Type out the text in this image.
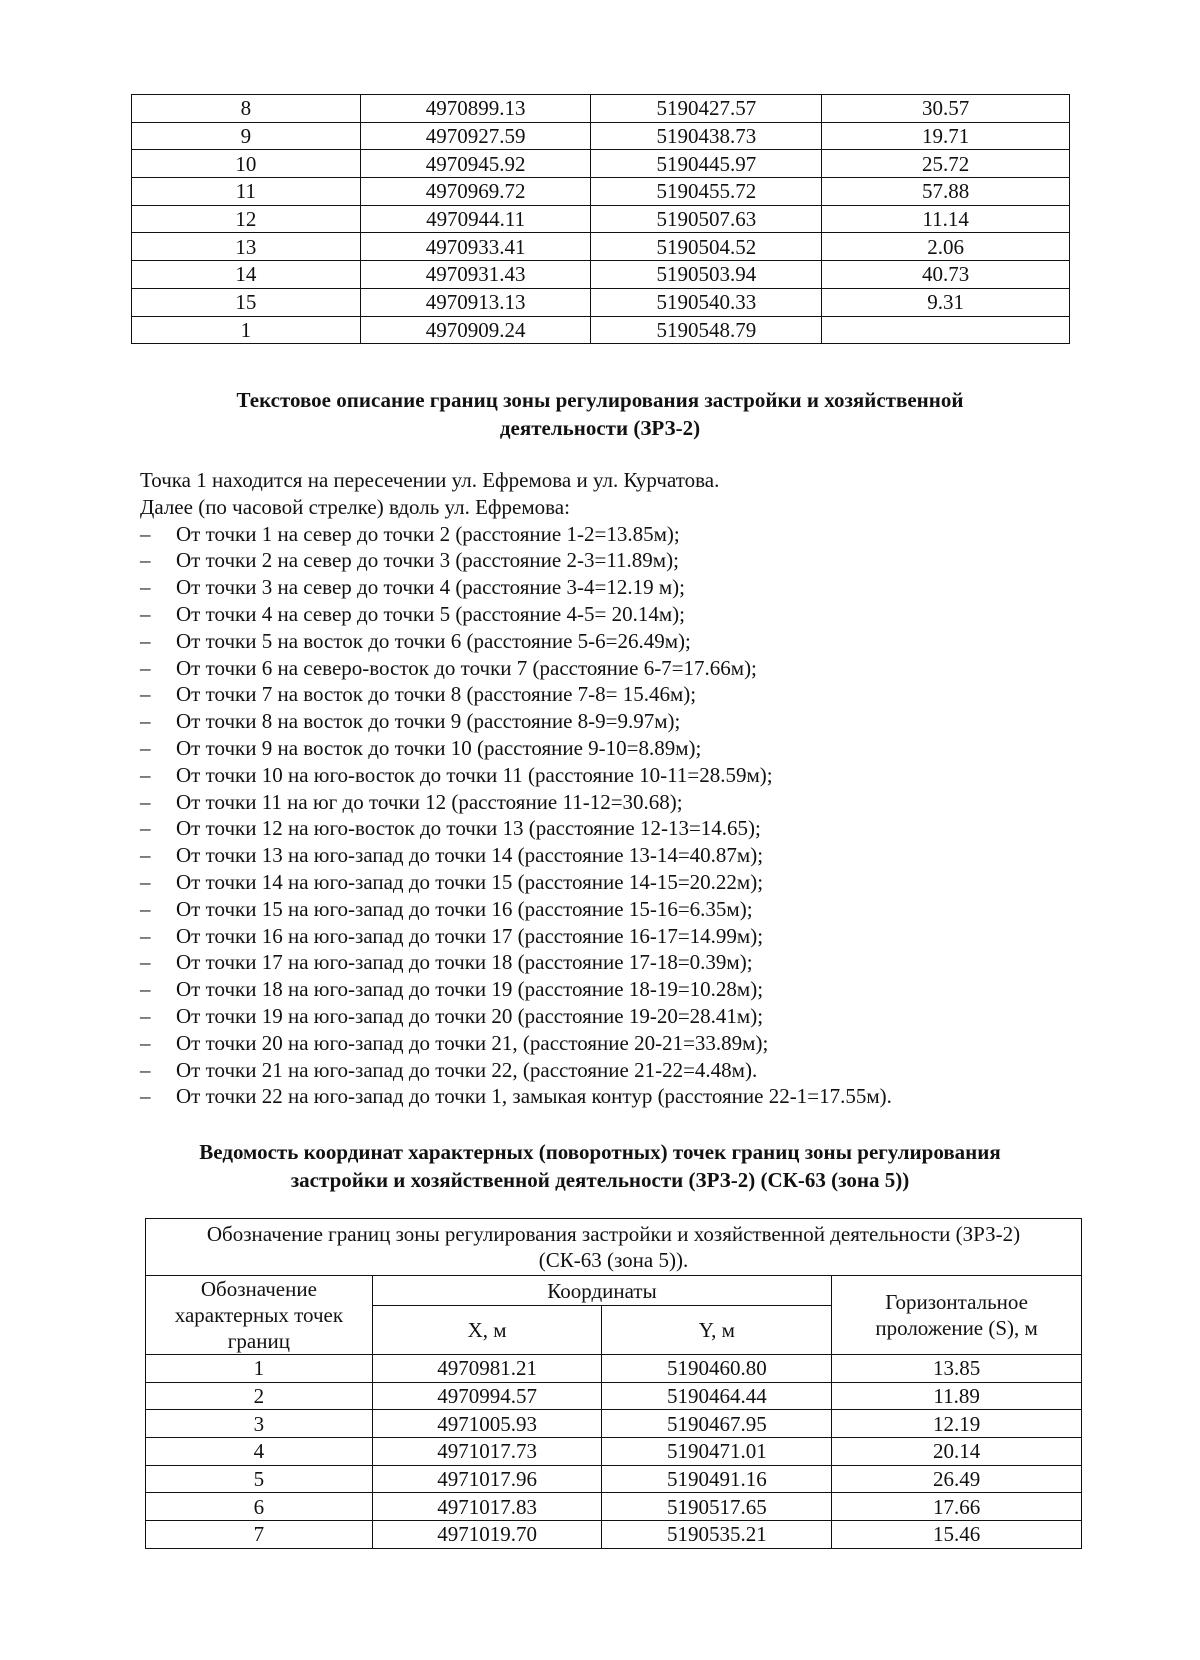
8	4970899.13	5190427.57	30.57
9	4970927.59	5190438.73	19.71
10	4970945.92	5190445.97	25.72
11	4970969.72	5190455.72	57.88
12	4970944.11	5190507.63	11.14
13	4970933.41	5190504.52	2.06
14	4970931.43	5190503.94	40.73
15	4970913.13	5190540.33	9.31
1	4970909.24	5190548.79	
Текстовое описание границ зоны регулирования застройки и хозяйственной
деятельности (ЗРЗ-2)

Точка 1 находится на пересечении ул. Ефремова и ул. Курчатова.

Далее (по часовой стрелке) вдоль ул. Ефремова:

– От точки 1 на север до точки 2 (расстояние 1-2=13.85м);
– От точки 2 на север до точки 3 (расстояние 2-3=11.89м);
– От точки 3 на север до точки 4 (расстояние 3-4=12.19 м);
– От точки 4 на север до точки 5 (расстояние 4-5= 20.14м);
– От точки 5 на восток до точки 6 (расстояние 5-6=26.49м);
– От точки 6 на северо-восток до точки 7 (расстояние 6-7=17.66м);
– От точки 7 на восток до точки 8 (расстояние 7-8= 15.46м);
– От точки 8 на восток до точки 9 (расстояние 8-9=9.97м);
– От точки 9 на восток до точки 10 (расстояние 9-10=8.89м);
– От точки 10 на юго-восток до точки 11 (расстояние 10-11=28.59м);
– От точки 11 на юг до точки 12 (расстояние 11-12=30.68);
– От точки 12 на юго-восток до точки 13 (расстояние 12-13=14.65);
– От точки 13 на юго-запад до точки 14 (расстояние 13-14=40.87м);
– От точки 14 на юго-запад до точки 15 (расстояние 14-15=20.22м);
– От точки 15 на юго-запад до точки 16 (расстояние 15-16=6.35м);
– От точки 16 на юго-запад до точки 17 (расстояние 16-17=14.99м);
– От точки 17 на юго-запад до точки 18 (расстояние 17-18=0.39м);
– От точки 18 на юго-запад до точки 19 (расстояние 18-19=10.28м);
– От точки 19 на юго-запад до точки 20 (расстояние 19-20=28.41м);
– От точки 20 на юго-запад до точки 21, (расстояние 20-21=33.89м);
– От точки 21 на юго-запад до точки 22, (расстояние 21-22=4.48м).
– От точки 22 на юго-запад до точки 1, замыкая контур (расстояние 22-1=17.55м).
Ведомость координат характерных (поворотных) точек границ зоны регулирования
застройки и хозяйственной деятельности (ЗРЗ-2) (СК-63 (зона 5))
Обозначение границ зоны регулирования застройки и хозяйственной деятельности (ЗРЗ-2)
(СК-63 (зона 5)).			
Обозначение
характерных точек
границ	Координаты		Горизонтальное
проложение (S), м
	X, м	Y, м	
1	4970981.21	5190460.80	13.85
2	4970994.57	5190464.44	11.89
3	4971005.93	5190467.95	12.19
4	4971017.73	5190471.01	20.14
5	4971017.96	5190491.16	26.49
6	4971017.83	5190517.65	17.66
7	4971019.70	5190535.21	15.46
